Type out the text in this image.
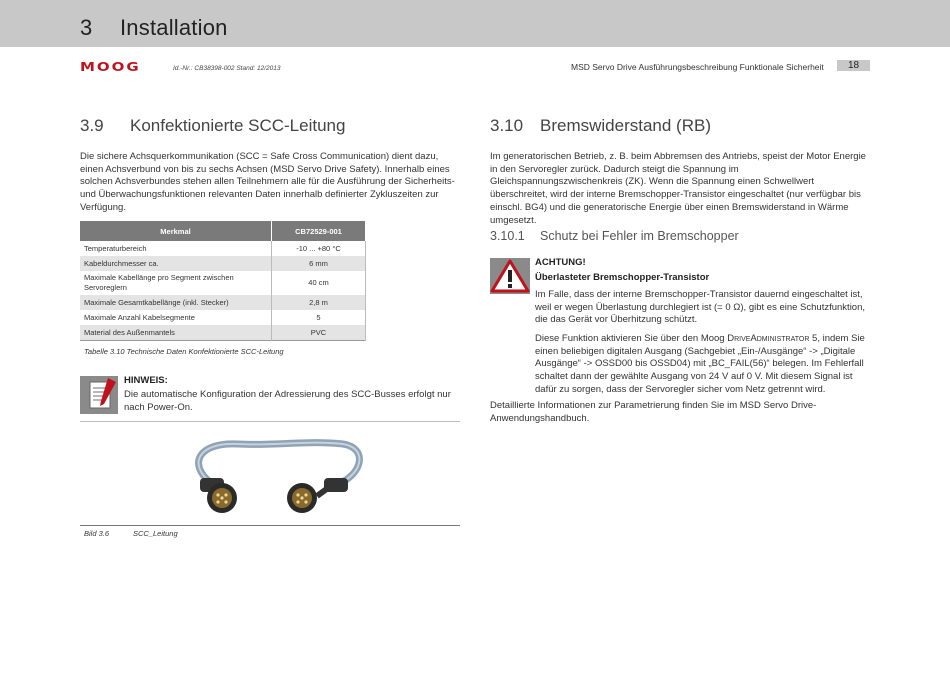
3 Installation
MOOG	Id.-Nr.: CB38398-002 Stand: 12/2013	MSD Servo Drive Ausführungsbeschreibung Funktionale Sicherheit	18
3.9 Konfektionierte SCC-Leitung
Die sichere Achsquerkommunikation (SCC = Safe Cross Communication) dient dazu, einen Achsverbund von bis zu sechs Achsen (MSD Servo Drive Safety). Innerhalb eines solchen Achsverbundes stehen allen Teilnehmern alle für die Ausführung der Sicherheits- und Überwachungsfunktionen relevanten Daten innerhalb definierter Zykluszeiten zur Verfügung.
Merkmal	CB72529-001
Temperaturbereich	-10 ... +80 °C
Kabeldurchmesser ca.	6 mm
Maximale Kabellänge pro Segment zwischen Servoreglern	40 cm
Maximale Gesamtkabellänge (inkl. Stecker)	2,8 m
Maximale Anzahl Kabelsegmente	5
Material des Außenmantels	PVC
Tabelle 3.10 Technische Daten Konfektionierte SCC-Leitung
HINWEIS:
Die automatische Konfiguration der Adressierung des SCC-Busses erfolgt nur nach Power-On.
Bild 3.6	SCC_Leitung
3.10 Bremswiderstand (RB)
Im generatorischen Betrieb, z. B. beim Abbremsen des Antriebs, speist der Motor Energie in den Servoregler zurück. Dadurch steigt die Spannung im Gleichspannungszwischenkreis (ZK). Wenn die Spannung einen Schwellwert überschreitet, wird der interne Bremschopper-Transistor eingeschaltet (nur verfügbar bis einschl. BG4) und die generatorische Energie über einen Bremswiderstand in Wärme umgesetzt.
3.10.1 Schutz bei Fehler im Bremschopper
ACHTUNG!
Überlasteter Bremschopper-Transistor
Im Falle, dass der interne Bremschopper-Transistor dauernd eingeschaltet ist, weil er wegen Überlastung durchlegiert ist (= 0 Ω), gibt es eine Schutzfunktion, die das Gerät vor Überhitzung schützt.
Diese Funktion aktivieren Sie über den Moog DriveAdministrator 5, indem Sie einen beliebigen digitalen Ausgang (Sachgebiet „Ein-/Ausgänge“ -> „Digitale Ausgänge“ -> OSSD00 bis OSSD04) mit „BC_FAIL(56)“ belegen. Im Fehlerfall schaltet dann der gewählte Ausgang von 24 V auf 0 V. Mit diesem Signal ist dafür zu sorgen, dass der Servoregler sicher vom Netz getrennt wird.
Detaillierte Informationen zur Parametrierung finden Sie im MSD Servo Drive-Anwendungshandbuch.
